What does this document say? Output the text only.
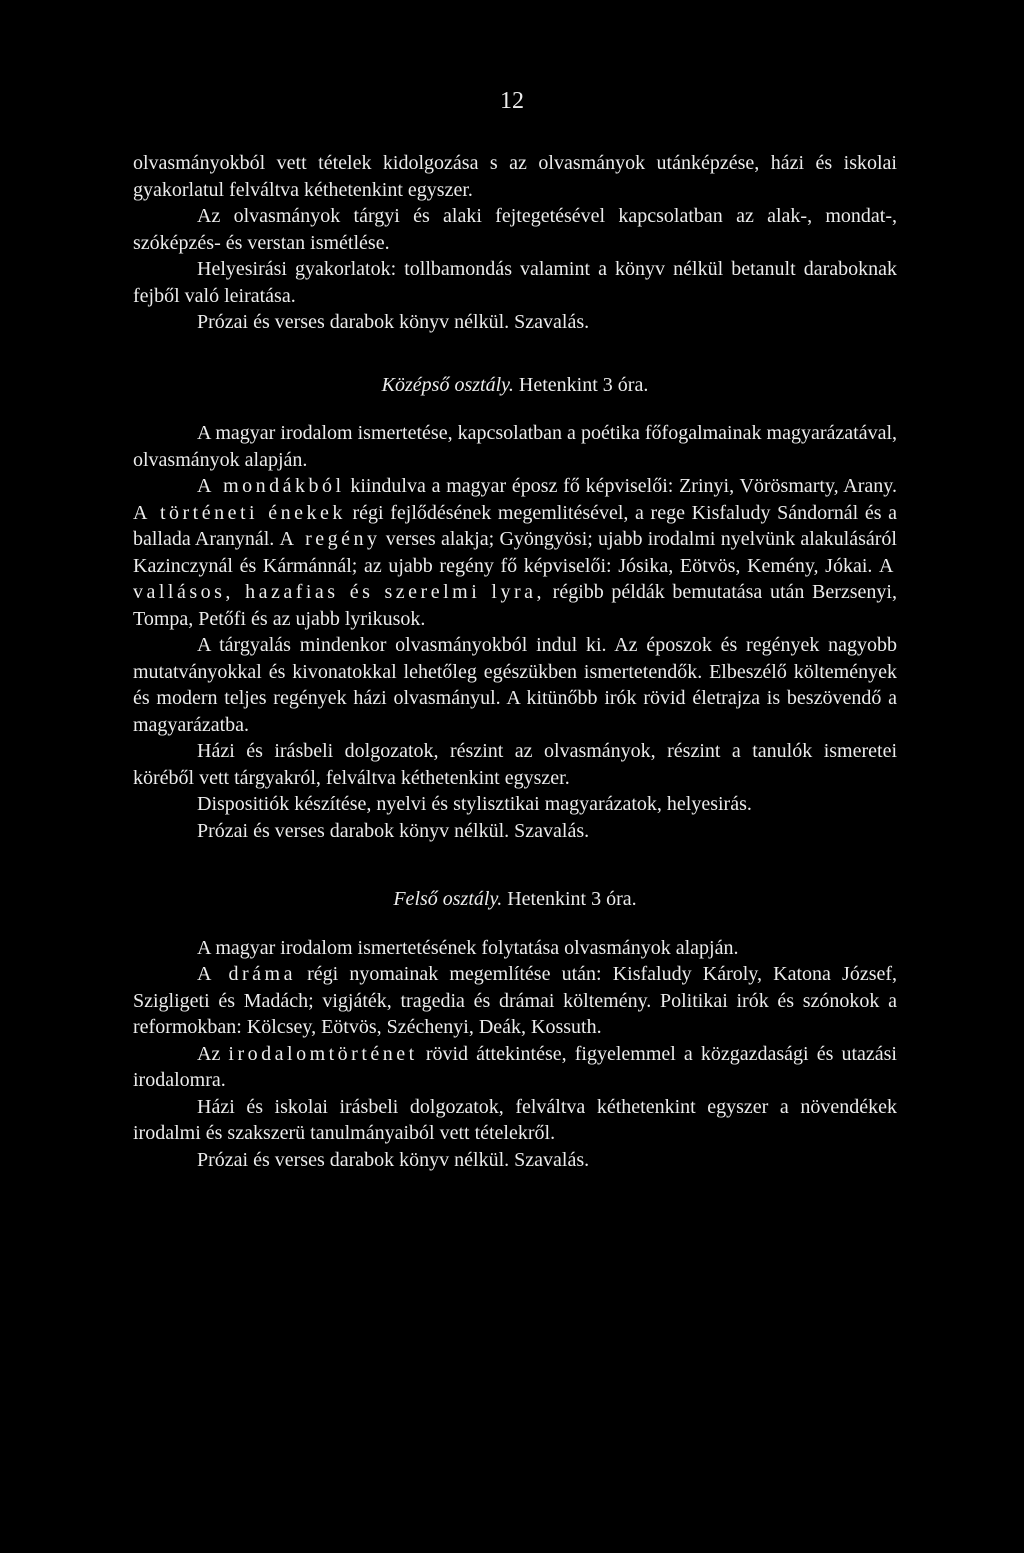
12

olvasmányokból vett tételek kidolgozása s az olvasmányok utánképzése, házi és iskolai gyakorlatul felváltva kéthetenkint egyszer.

Az olvasmányok tárgyi és alaki fejtegetésével kapcsolatban az alak-, mondat-, szóképzés- és verstan ismétlése.

Helyesirási gyakorlatok: tollbamondás valamint a könyv nélkül betanult daraboknak fejből való leiratása.

Prózai és verses darabok könyv nélkül. Szavalás.

Középső osztály. Hetenkint 3 óra.

A magyar irodalom ismertetése, kapcsolatban a poétika főfogalmainak magyarázatával, olvasmányok alapján.

A mondákból kiindulva a magyar éposz fő képviselői: Zrinyi, Vörösmarty, Arany. A történeti énekek régi fejlődésének megemlitésével, a rege Kisfaludy Sándornál és a ballada Aranynál. A regény verses alakja; Gyöngyösi; ujabb irodalmi nyelvünk alakulásáról Kazinczynál és Kármánnál; az ujabb regény fő képviselői: Jósika, Eötvös, Kemény, Jókai. A vallásos, hazafias és szerelmi lyra, régibb példák bemutatása után Berzsenyi, Tompa, Petőfi és az ujabb lyrikusok.

A tárgyalás mindenkor olvasmányokból indul ki. Az époszok és regények nagyobb mutatványokkal és kivonatokkal lehetőleg egészükben ismertetendők. Elbeszélő költemények és modern teljes regények házi olvasmányul. A kitünőbb irók rövid életrajza is beszövendő a magyarázatba.

Házi és irásbeli dolgozatok, részint az olvasmányok, részint a tanulók ismeretei köréből vett tárgyakról, felváltva kéthetenkint egyszer.

Dispositiók készítése, nyelvi és stylisztikai magyarázatok, helyesirás.

Prózai és verses darabok könyv nélkül. Szavalás.

Felső osztály. Hetenkint 3 óra.

A magyar irodalom ismertetésének folytatása olvasmányok alapján.

A dráma régi nyomainak megemlítése után: Kisfaludy Károly, Katona József, Szigligeti és Madách; vigjáték, tragedia és drámai költemény. Politikai irók és szónokok a reformokban: Kölcsey, Eötvös, Széchenyi, Deák, Kossuth.

Az irodalomtörténet rövid áttekintése, figyelemmel a közgazdasági és utazási irodalomra.

Házi és iskolai irásbeli dolgozatok, felváltva kéthetenkint egyszer a növendékek irodalmi és szakszerü tanulmányaiból vett tételekről.

Prózai és verses darabok könyv nélkül. Szavalás.
